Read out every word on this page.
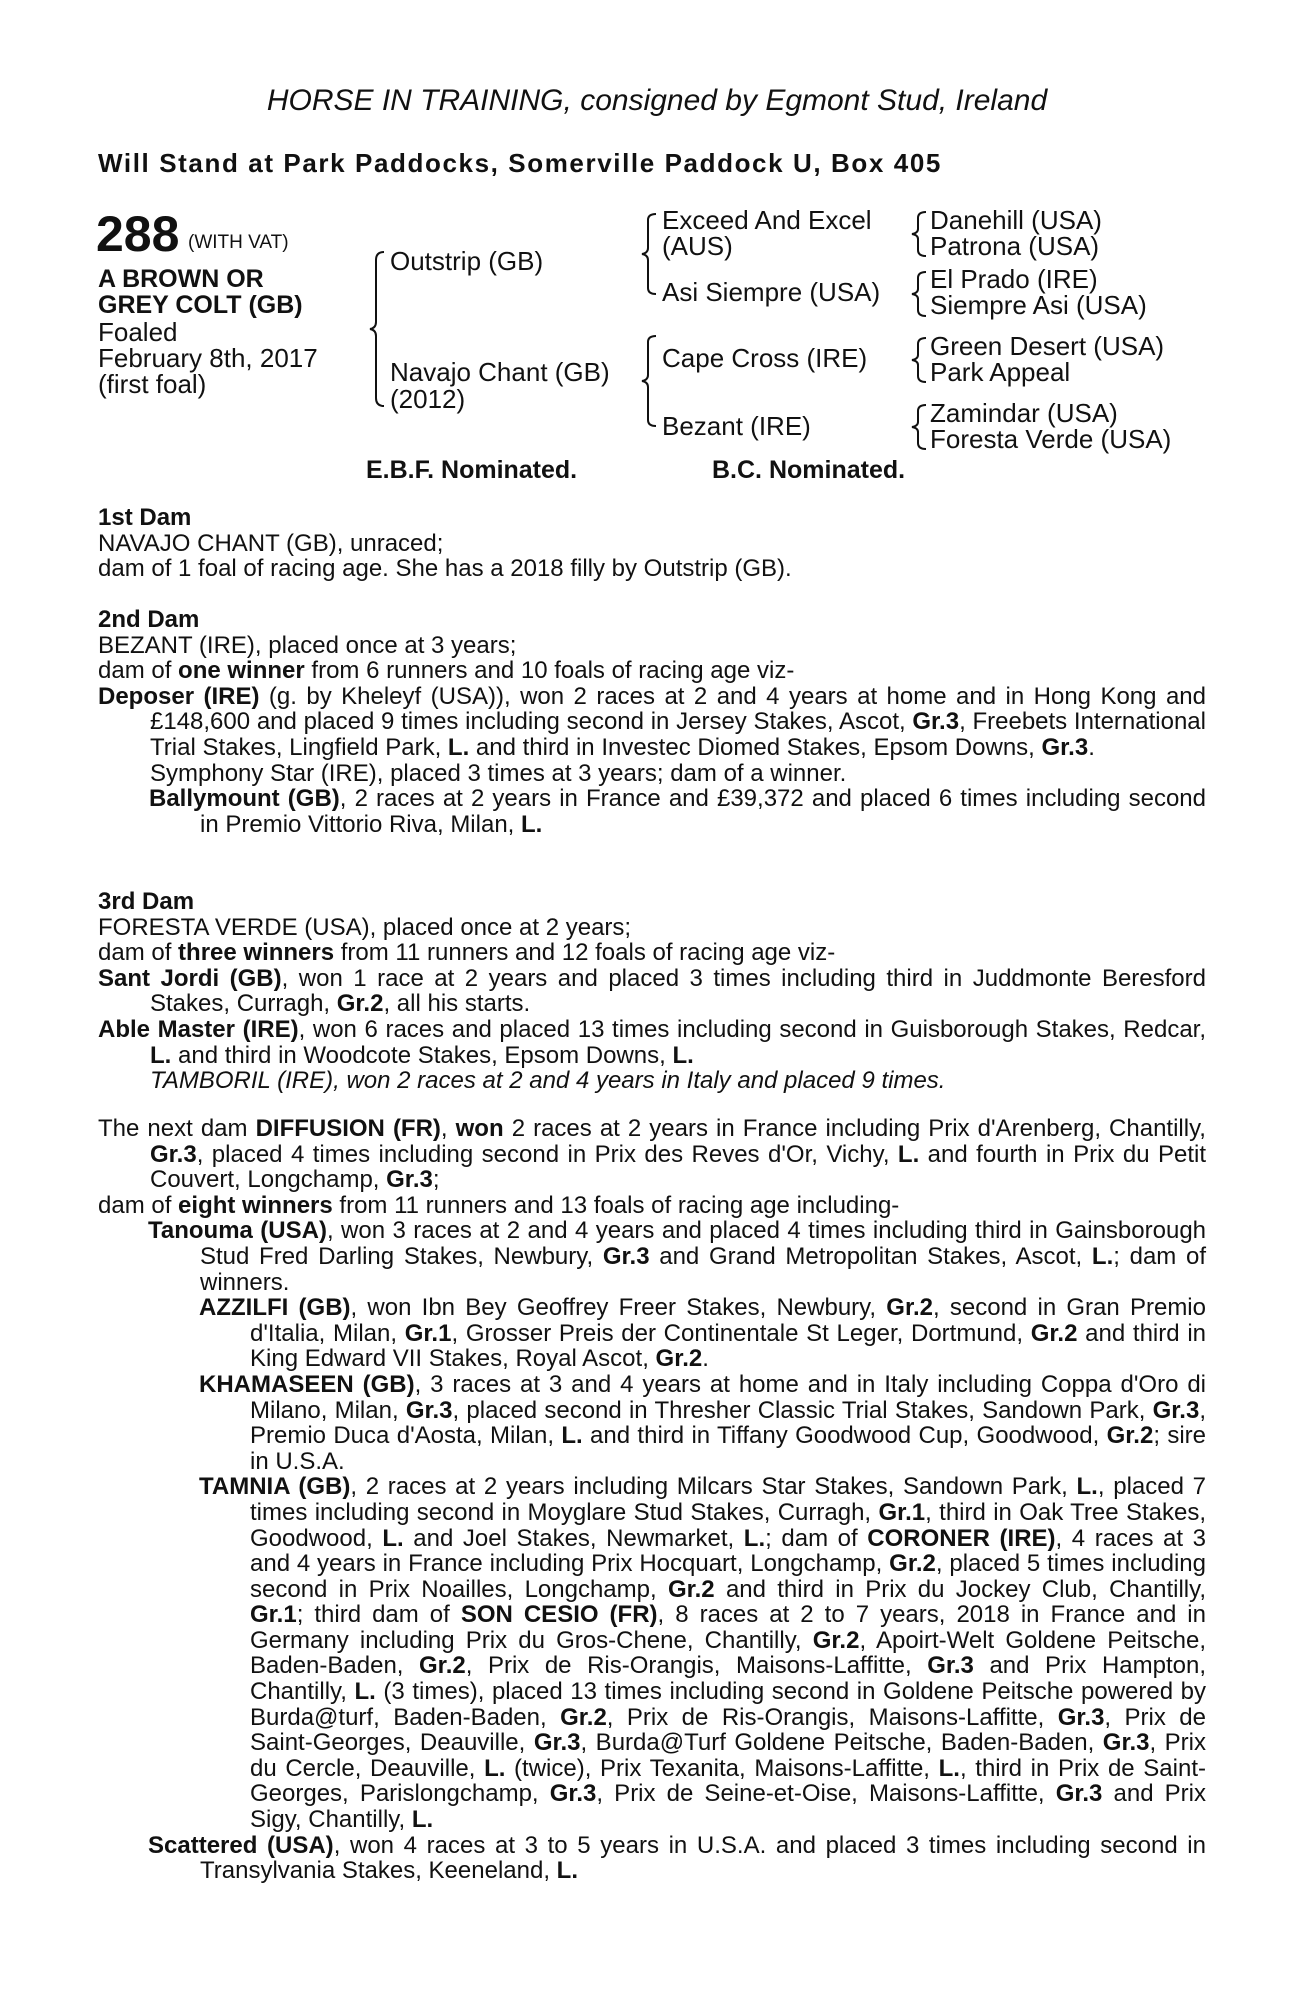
HORSE IN TRAINING, consigned by Egmont Stud, Ireland
Will Stand at Park Paddocks, Somerville Paddock U, Box 405
288 (WITH VAT)
A BROWN OR
GREY COLT (GB)
Foaled
February 8th, 2017
(first foal)
Outstrip (GB)
Navajo Chant (GB)
(2012)
Exceed And Excel
(AUS)
Asi Siempre (USA)
Cape Cross (IRE)
Bezant (IRE)
Danehill (USA)
Patrona (USA)
El Prado (IRE)
Siempre Asi (USA)
Green Desert (USA)
Park Appeal
Zamindar (USA)
Foresta Verde (USA)
E.B.F. Nominated.	B.C. Nominated.

1st Dam

NAVAJO CHANT (GB), unraced;

dam of 1 foal of racing age. She has a 2018 filly by Outstrip (GB).

2nd Dam

BEZANT (IRE), placed once at 3 years;

dam of one winner from 6 runners and 10 foals of racing age viz-

Deposer (IRE) (g. by Kheleyf (USA)), won 2 races at 2 and 4 years at home and in Hong Kong and £148,600 and placed 9 times including second in Jersey Stakes, Ascot, Gr.3, Freebets International Trial Stakes, Lingfield Park, L. and third in Investec Diomed Stakes, Epsom Downs, Gr.3.

Symphony Star (IRE), placed 3 times at 3 years; dam of a winner.

Ballymount (GB), 2 races at 2 years in France and £39,372 and placed 6 times including second in Premio Vittorio Riva, Milan, L.

3rd Dam

FORESTA VERDE (USA), placed once at 2 years;

dam of three winners from 11 runners and 12 foals of racing age viz-

Sant Jordi (GB), won 1 race at 2 years and placed 3 times including third in Juddmonte Beresford Stakes, Curragh, Gr.2, all his starts.

Able Master (IRE), won 6 races and placed 13 times including second in Guisborough Stakes, Redcar, L. and third in Woodcote Stakes, Epsom Downs, L.

TAMBORIL (IRE), won 2 races at 2 and 4 years in Italy and placed 9 times.

The next dam DIFFUSION (FR), won 2 races at 2 years in France including Prix d'Arenberg, Chantilly, Gr.3, placed 4 times including second in Prix des Reves d'Or, Vichy, L. and fourth in Prix du Petit Couvert, Longchamp, Gr.3;

dam of eight winners from 11 runners and 13 foals of racing age including-

Tanouma (USA), won 3 races at 2 and 4 years and placed 4 times including third in Gainsborough Stud Fred Darling Stakes, Newbury, Gr.3 and Grand Metropolitan Stakes, Ascot, L.; dam of winners.

AZZILFI (GB), won Ibn Bey Geoffrey Freer Stakes, Newbury, Gr.2, second in Gran Premio d'Italia, Milan, Gr.1, Grosser Preis der Continentale St Leger, Dortmund, Gr.2 and third in King Edward VII Stakes, Royal Ascot, Gr.2.

KHAMASEEN (GB), 3 races at 3 and 4 years at home and in Italy including Coppa d'Oro di Milano, Milan, Gr.3, placed second in Thresher Classic Trial Stakes, Sandown Park, Gr.3, Premio Duca d'Aosta, Milan, L. and third in Tiffany Goodwood Cup, Goodwood, Gr.2; sire in U.S.A.

TAMNIA (GB), 2 races at 2 years including Milcars Star Stakes, Sandown Park, L., placed 7 times including second in Moyglare Stud Stakes, Curragh, Gr.1, third in Oak Tree Stakes, Goodwood, L. and Joel Stakes, Newmarket, L.; dam of CORONER (IRE), 4 races at 3 and 4 years in France including Prix Hocquart, Longchamp, Gr.2, placed 5 times including second in Prix Noailles, Longchamp, Gr.2 and third in Prix du Jockey Club, Chantilly, Gr.1; third dam of SON CESIO (FR), 8 races at 2 to 7 years, 2018 in France and in Germany including Prix du Gros-Chene, Chantilly, Gr.2, Apoirt-Welt Goldene Peitsche, Baden-Baden, Gr.2, Prix de Ris-Orangis, Maisons-Laffitte, Gr.3 and Prix Hampton, Chantilly, L. (3 times), placed 13 times including second in Goldene Peitsche powered by Burda@turf, Baden-Baden, Gr.2, Prix de Ris-Orangis, Maisons-Laffitte, Gr.3, Prix de Saint-Georges, Deauville, Gr.3, Burda@Turf Goldene Peitsche, Baden-Baden, Gr.3, Prix du Cercle, Deauville, L. (twice), Prix Texanita, Maisons-Laffitte, L., third in Prix de Saint-Georges, Parislongchamp, Gr.3, Prix de Seine-et-Oise, Maisons-Laffitte, Gr.3 and Prix Sigy, Chantilly, L.

Scattered (USA), won 4 races at 3 to 5 years in U.S.A. and placed 3 times including second in Transylvania Stakes, Keeneland, L.
